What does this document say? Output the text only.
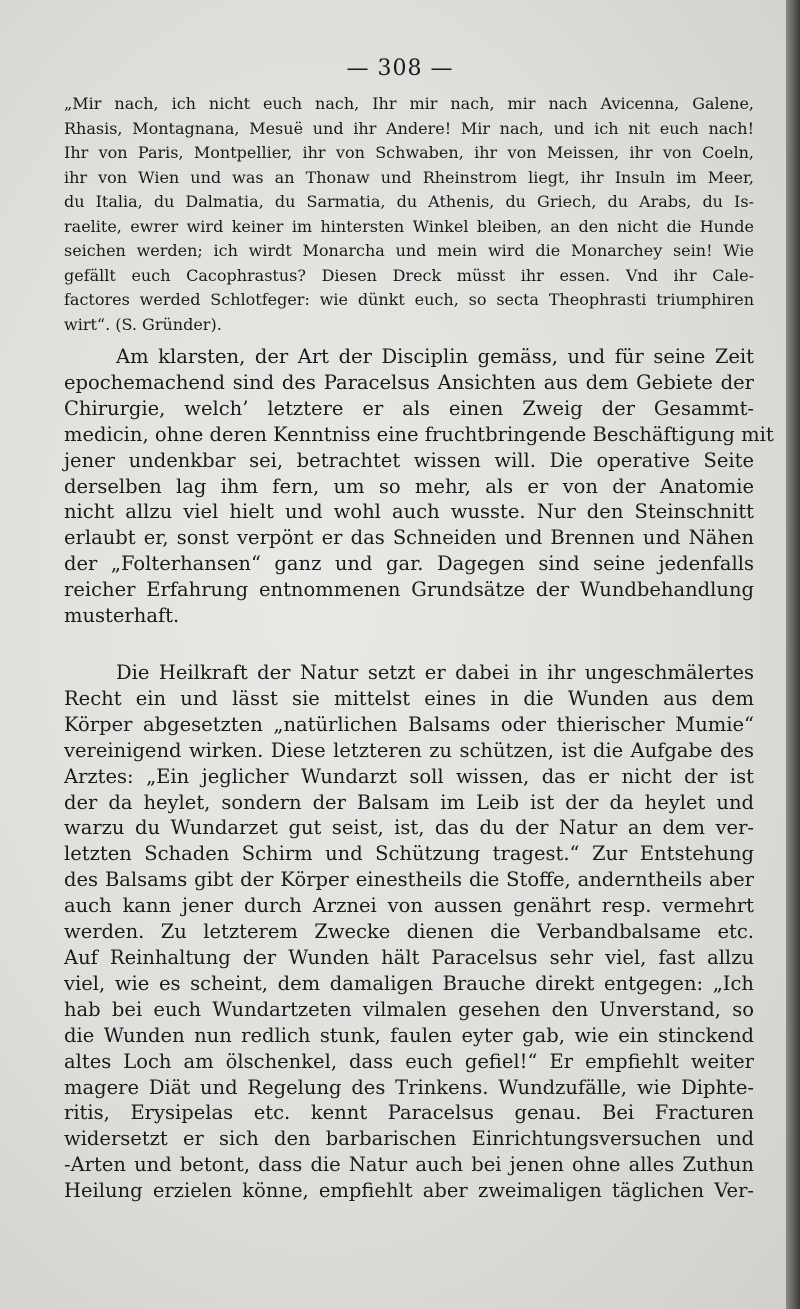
— 308 —
„Mir nach, ich nicht euch nach, Ihr mir nach, mir nach Avicenna, Galene,
Rhasis, Montagnana, Mesuë und ihr Andere! Mir nach, und ich nit euch nach!
Ihr von Paris, Montpellier, ihr von Schwaben, ihr von Meissen, ihr von Coeln,
ihr von Wien und was an Thonaw und Rheinstrom liegt, ihr Insuln im Meer,
du Italia, du Dalmatia, du Sarmatia, du Athenis, du Griech, du Arabs, du Is-
raelite, ewrer wird keiner im hintersten Winkel bleiben, an den nicht die Hunde
seichen werden; ich wirdt Monarcha und mein wird die Monarchey sein! Wie
gefällt euch Cacophrastus? Diesen Dreck müsst ihr essen. Vnd ihr Cale-
factores werded Schlotfeger: wie dünkt euch, so secta Theophrasti triumphiren
wirt“. (S. Gründer).
Am klarsten, der Art der Disciplin gemäss, und für seine Zeit
epochemachend sind des Paracelsus Ansichten aus dem Gebiete der
Chirurgie, welch’ letztere er als einen Zweig der Gesammt-
medicin, ohne deren Kenntniss eine fruchtbringende Beschäftigung mit
jener undenkbar sei, betrachtet wissen will. Die operative Seite
derselben lag ihm fern, um so mehr, als er von der Anatomie
nicht allzu viel hielt und wohl auch wusste. Nur den Steinschnitt
erlaubt er, sonst verpönt er das Schneiden und Brennen und Nähen
der „Folterhansen“ ganz und gar. Dagegen sind seine jedenfalls
reicher Erfahrung entnommenen Grundsätze der Wundbehandlung
musterhaft.
Die Heilkraft der Natur setzt er dabei in ihr ungeschmälertes
Recht ein und lässt sie mittelst eines in die Wunden aus dem
Körper abgesetzten „natürlichen Balsams oder thierischer Mumie“
vereinigend wirken. Diese letzteren zu schützen, ist die Aufgabe des
Arztes: „Ein jeglicher Wundarzt soll wissen, das er nicht der ist
der da heylet, sondern der Balsam im Leib ist der da heylet und
warzu du Wundarzet gut seist, ist, das du der Natur an dem ver-
letzten Schaden Schirm und Schützung tragest.“ Zur Entstehung
des Balsams gibt der Körper einestheils die Stoffe, anderntheils aber
auch kann jener durch Arznei von aussen genährt resp. vermehrt
werden. Zu letzterem Zwecke dienen die Verbandbalsame etc.
Auf Reinhaltung der Wunden hält Paracelsus sehr viel, fast allzu
viel, wie es scheint, dem damaligen Brauche direkt entgegen: „Ich
hab bei euch Wundartzeten vilmalen gesehen den Unverstand, so
die Wunden nun redlich stunk, faulen eyter gab, wie ein stinckend
altes Loch am ölschenkel, dass euch gefiel!“ Er empfiehlt weiter
magere Diät und Regelung des Trinkens. Wundzufälle, wie Diphte-
ritis, Erysipelas etc. kennt Paracelsus genau. Bei Fracturen
widersetzt er sich den barbarischen Einrichtungsversuchen und
-Arten und betont, dass die Natur auch bei jenen ohne alles Zuthun
Heilung erzielen könne, empfiehlt aber zweimaligen täglichen Ver-
